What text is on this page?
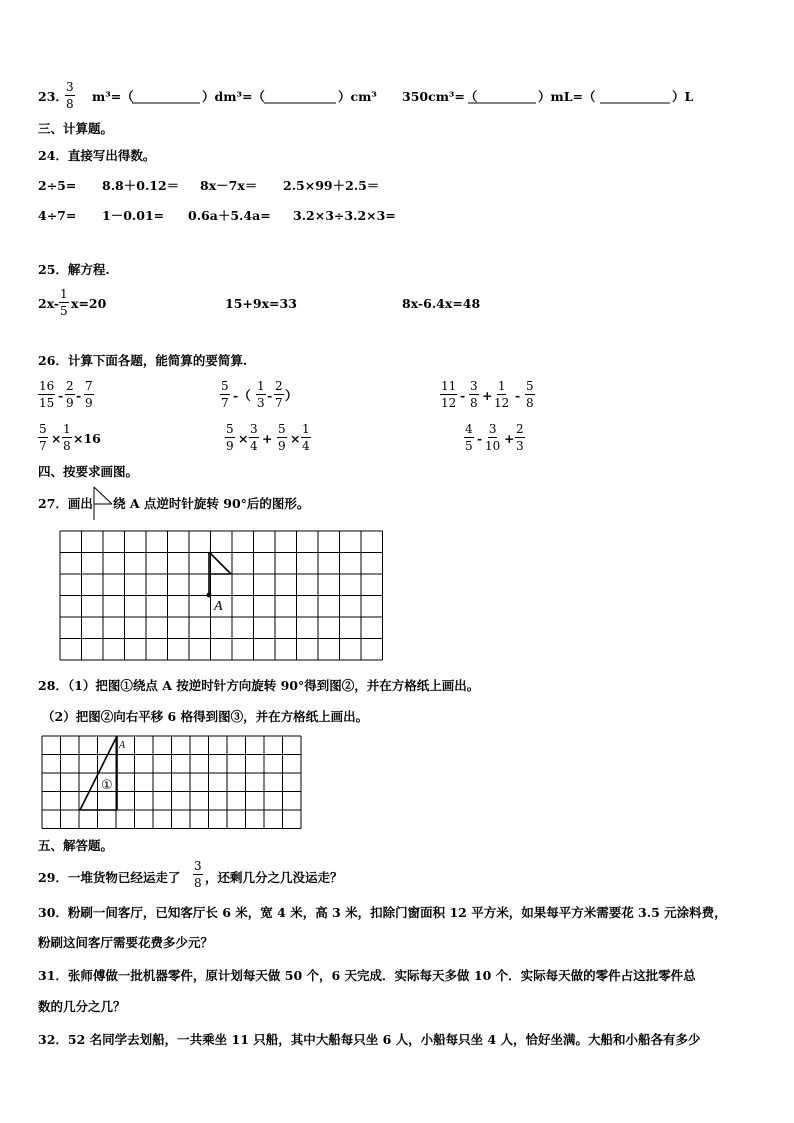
23．
$\frac{3}{8} m^3=$（	）dm³=（	）cm³ 350cm³=（	）mL=（	）L
三、计算题。
24．直接写出得数。
2÷5= 8.8＋0.12＝ 8x－7x＝ 2.5×99＋2.5＝
4÷7= 1－0.01= 0.6a＋5.4a= 3.2×3÷3.2×3=
25．解方程.
$2x- \frac{1}{5} x=20$	15+9x=33	8x-6.4x=48
26．计算下面各题，能简算的要简算.
$\frac{16}{15} - \frac{2}{9} - \frac{7}{9}$	$\frac{5}{7}$ -（ $\frac{1}{3} - \frac{2}{7}$ ）	$\frac{11}{12} - \frac{3}{8} + \frac{1}{12} - \frac{5}{8}$
$\frac{5}{7} \times \frac{1}{8} \times 16$	$\frac{5}{9} \times \frac{3}{4} + \frac{5}{9} \times \frac{1}{4}$	$\frac{4}{5} - \frac{3}{10} + \frac{2}{3}$
四、按要求画图。
27．画出 绕 A 点逆时针旋转 90°后的图形。
28．（1）把图①绕点 A 按逆时针方向旋转 90°得到图②，并在方格纸上画出。
（2）把图②向右平移 6 格得到图③，并在方格纸上画出。
五、解答题。
29．一堆货物已经运走了 $\frac{3}{8}$ ，还剩几分之几没运走？
30．粉刷一间客厅，已知客厅长 6 米，宽 4 米，高 3 米，扣除门窗面积 12 平方米，如果每平方米需要花 3.5 元涂料费，
粉刷这间客厅需要花费多少元？
31．张师傅做一批机器零件，原计划每天做 50 个，6 天完成．实际每天多做 10 个．实际每天做的零件占这批零件总
数的几分之几？
32．52 名同学去划船，一共乘坐 11 只船，其中大船每只坐 6 人，小船每只坐 4 人，恰好坐满。大船和小船各有多少
A
A
①
